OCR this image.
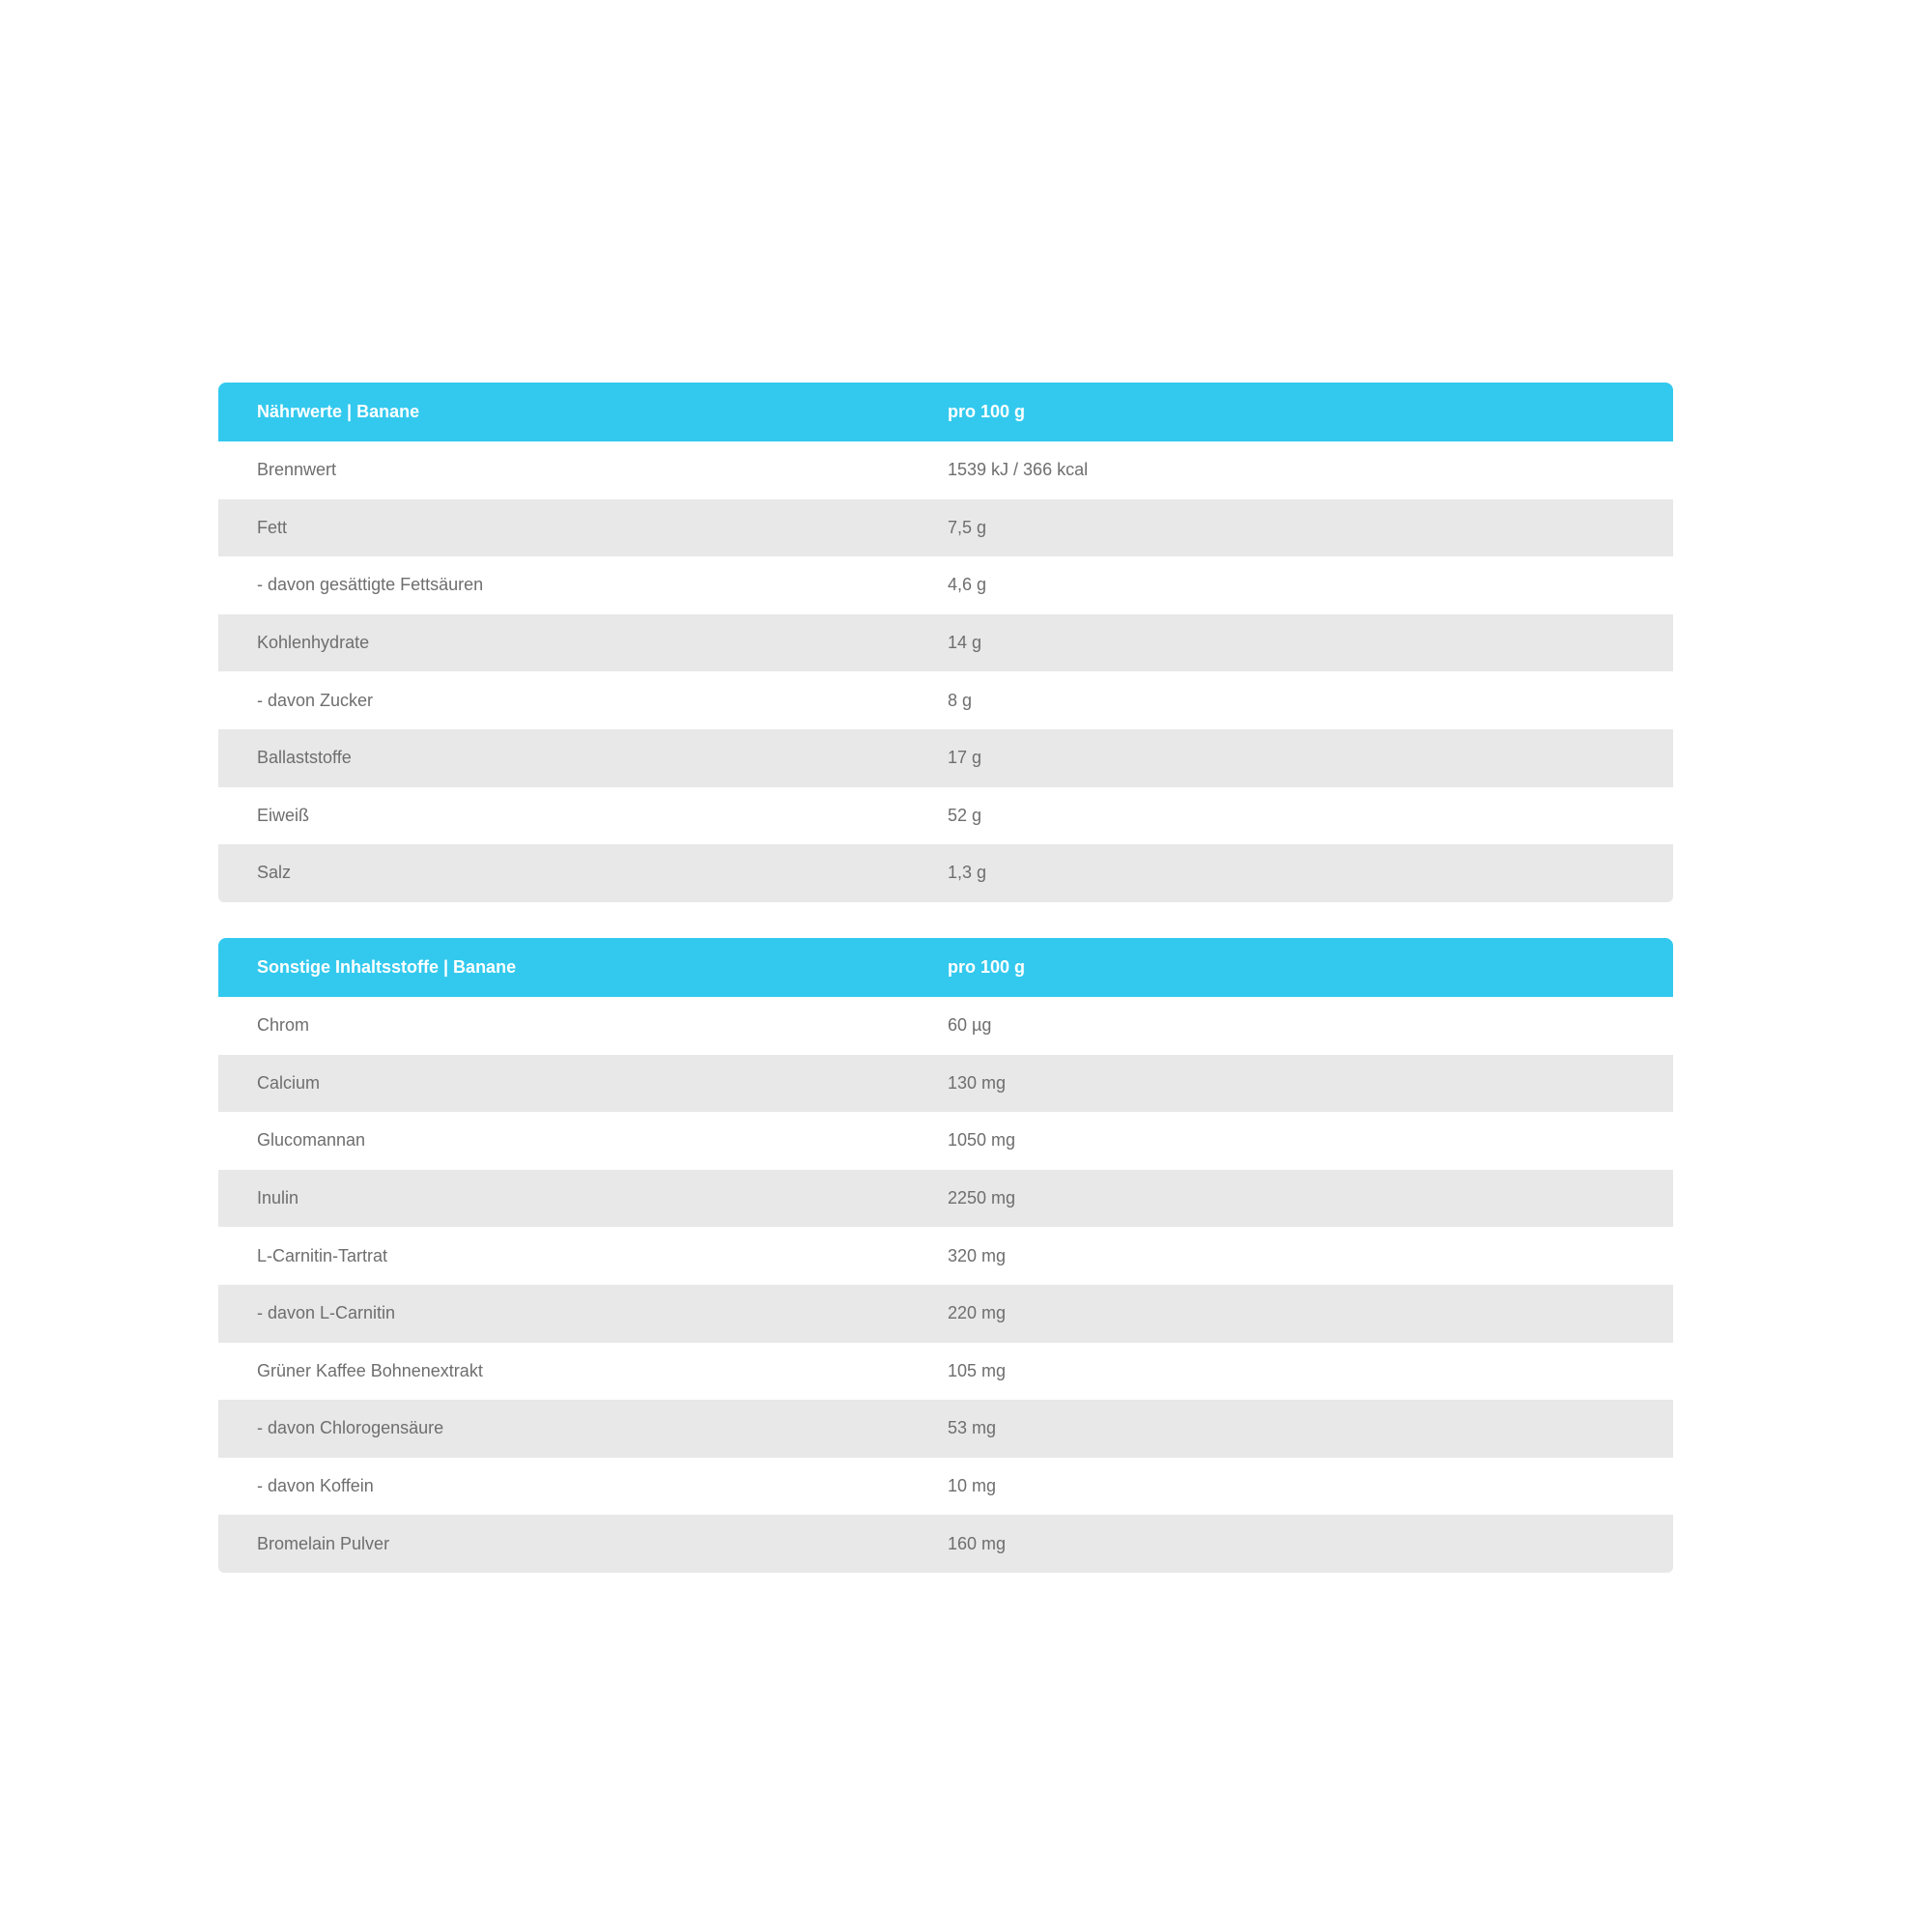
Nährwerte | Banane	pro 100 g
Brennwert	1539 kJ / 366 kcal
Fett	7,5 g
- davon gesättigte Fettsäuren	4,6 g
Kohlenhydrate	14 g
- davon Zucker	8 g
Ballaststoffe	17 g
Eiweiß	52 g
Salz	1,3 g
Sonstige Inhaltsstoffe | Banane	pro 100 g
Chrom	60 µg
Calcium	130 mg
Glucomannan	1050 mg
Inulin	2250 mg
L-Carnitin-Tartrat	320 mg
- davon L-Carnitin	220 mg
Grüner Kaffee Bohnenextrakt	105 mg
- davon Chlorogensäure	53 mg
- davon Koffein	10 mg
Bromelain Pulver	160 mg
